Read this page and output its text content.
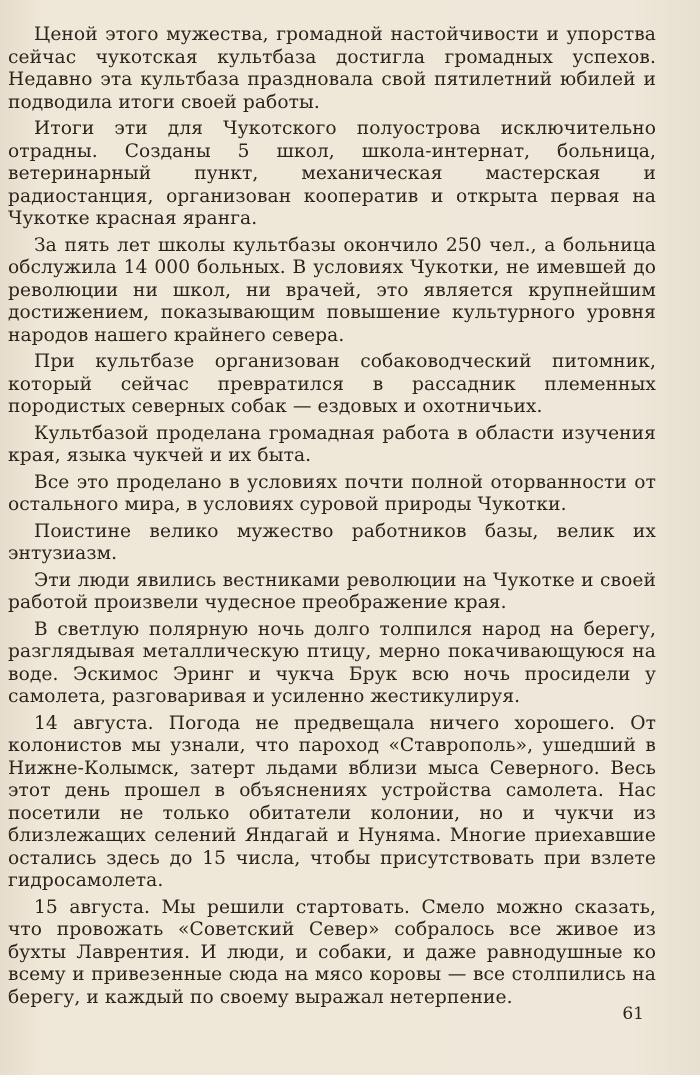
Ценой этого мужества, громадной настойчивости и упорства сейчас чукотская культбаза достигла громадных успехов. Недавно эта культбаза праздновала свой пятилетний юбилей и подводила итоги своей работы.

Итоги эти для Чукотского полуострова исключительно отрадны. Созданы 5 школ, школа-интернат, больница, ветеринарный пункт, механическая мастерская и радиостанция, организован кооператив и открыта первая на Чукотке красная яранга.

За пять лет школы культбазы окончило 250 чел., а больница обслужила 14 000 больных. В условиях Чукотки, не имевшей до революции ни школ, ни врачей, это является крупнейшим достижением, показывающим повышение культурного уровня народов нашего крайнего севера.

При культбазе организован собаководческий питомник, который сейчас превратился в рассадник племенных породистых северных собак — ездовых и охотничьих.

Культбазой проделана громадная работа в области изучения края, языка чукчей и их быта.

Все это проделано в условиях почти полной оторванности от остального мира, в условиях суровой природы Чукотки.

Поистине велико мужество работников базы, велик их энтузиазм.

Эти люди явились вестниками революции на Чукотке и своей работой произвели чудесное преображение края.

В светлую полярную ночь долго толпился народ на берегу, разглядывая металлическую птицу, мерно покачивающуюся на воде. Эскимос Эринг и чукча Брук всю ночь просидели у самолета, разговаривая и усиленно жестикулируя.

14 августа. Погода не предвещала ничего хорошего. От колонистов мы узнали, что пароход «Ставрополь», ушедший в Нижне-Колымск, затерт льдами вблизи мыса Северного. Весь этот день прошел в объяснениях устройства самолета. Нас посетили не только обитатели колонии, но и чукчи из близлежащих селений Яндагай и Нунямa. Многие приехавшие остались здесь до 15 числа, чтобы присутствовать при взлете гидросамолета.

15 августа. Мы решили стартовать. Смело можно сказать, что провожать «Советский Север» собралось все живое из бухты Лаврентия. И люди, и собаки, и даже равнодушные ко всему и привезенные сюда на мясо коровы — все столпились на берегу, и каждый по своему выражал нетерпение.

61
